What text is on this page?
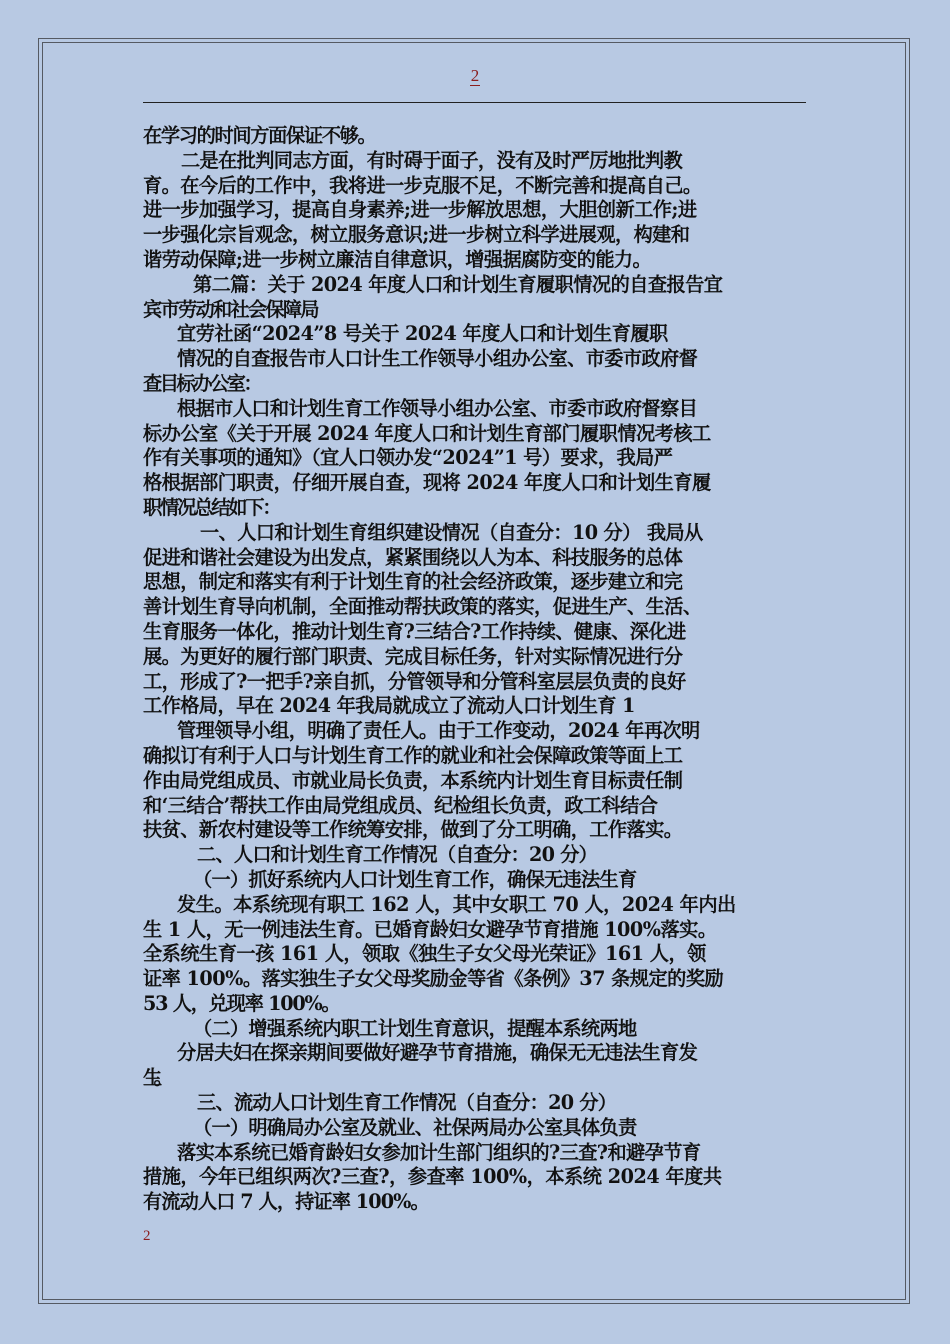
2

在学习的时间方面保证不够。

二是在批判同志方面，有时碍于面子，没有及时严厉地批判教

育。在今后的工作中，我将进一步克服不足，不断完善和提高自己。

进一步加强学习，提高自身素养;进一步解放思想，大胆创新工作;进

一步强化宗旨观念，树立服务意识;进一步树立科学进展观，构建和

谐劳动保障;进一步树立廉洁自律意识，增强据腐防变的能力。

第二篇：关于 2024 年度人口和计划生育履职情况的自查报告宜

宾市劳动和社会保障局

宜劳社函“2024”8 号关于 2024 年度人口和计划生育履职

情况的自查报告市人口计生工作领导小组办公室、市委市政府督

查目标办公室：

根据市人口和计划生育工作领导小组办公室、市委市政府督察目

标办公室《关于开展 2024 年度人口和计划生育部门履职情况考核工

作有关事项的通知》（宜人口领办发“2024”1 号）要求，我局严

格根据部门职责，仔细开展自查，现将 2024 年度人口和计划生育履

职情况总结如下：

一、人口和计划生育组织建设情况（自查分：10 分） 我局从

促进和谐社会建设为出发点，紧紧围绕以人为本、科技服务的总体

思想，制定和落实有利于计划生育的社会经济政策，逐步建立和完

善计划生育导向机制，全面推动帮扶政策的落实，促进生产、生活、

生育服务一体化，推动计划生育?三结合?工作持续、健康、深化进

展。为更好的履行部门职责、完成目标任务，针对实际情况进行分

工，形成了?一把手?亲自抓，分管领导和分管科室层层负责的良好

工作格局，早在 2024 年我局就成立了流动人口计划生育 1

管理领导小组，明确了责任人。由于工作变动，2024 年再次明

确拟订有利于人口与计划生育工作的就业和社会保障政策等面上工

作由局党组成员、市就业局长负责，本系统内计划生育目标责任制

和‘三结合’帮扶工作由局党组成员、纪检组长负责，政工科结合

扶贫、新农村建设等工作统筹安排，做到了分工明确，工作落实。

二、人口和计划生育工作情况（自查分：20 分）

（一）抓好系统内人口计划生育工作，确保无违法生育

发生。本系统现有职工 162 人，其中女职工 70 人，2024 年内出

生 1 人，无一例违法生育。已婚育龄妇女避孕节育措施 100%落实。

全系统生育一孩 161 人，领取《独生子女父母光荣证》161 人，领

证率 100%。落实独生子女父母奖励金等省《条例》37 条规定的奖励

53 人，兑现率 100%。

（二）增强系统内职工计划生育意识，提醒本系统两地

分居夫妇在探亲期间要做好避孕节育措施，确保无无违法生育发

生。

三、流动人口计划生育工作情况（自查分：20 分）

（一）明确局办公室及就业、社保两局办公室具体负责

落实本系统已婚育龄妇女参加计生部门组织的?三查?和避孕节育

措施，今年已组织两次?三查?，参查率 100%，本系统 2024 年度共

有流动人口 7 人，持证率 100%。

2
